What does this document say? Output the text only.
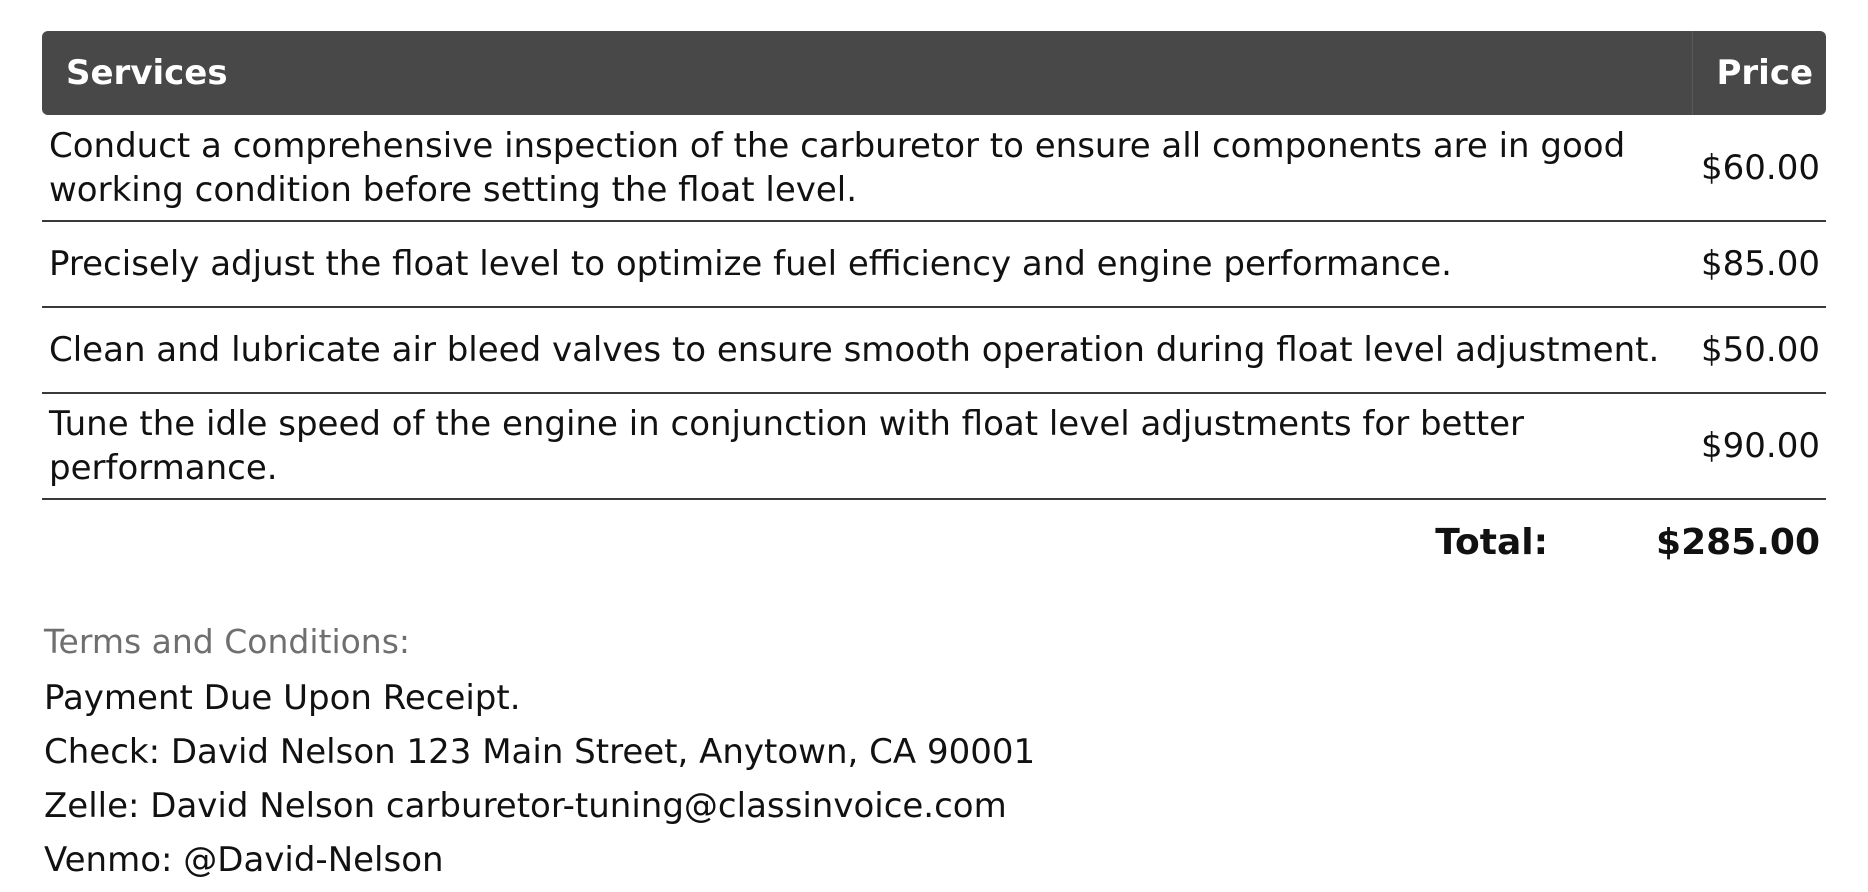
Services	Price
Conduct a comprehensive inspection of the carburetor to ensure all components are in good working condition before setting the float level.	$60.00
Precisely adjust the float level to optimize fuel efficiency and engine performance.	$85.00
Clean and lubricate air bleed valves to ensure smooth operation during float level adjustment.	$50.00
Tune the idle speed of the engine in conjunction with float level adjustments for better performance.	$90.00
Total:	$285.00
Terms and Conditions:
Payment Due Upon Receipt.
Check: David Nelson 123 Main Street, Anytown, CA 90001
Zelle: David Nelson carburetor-tuning@classinvoice.com
Venmo: @David-Nelson
